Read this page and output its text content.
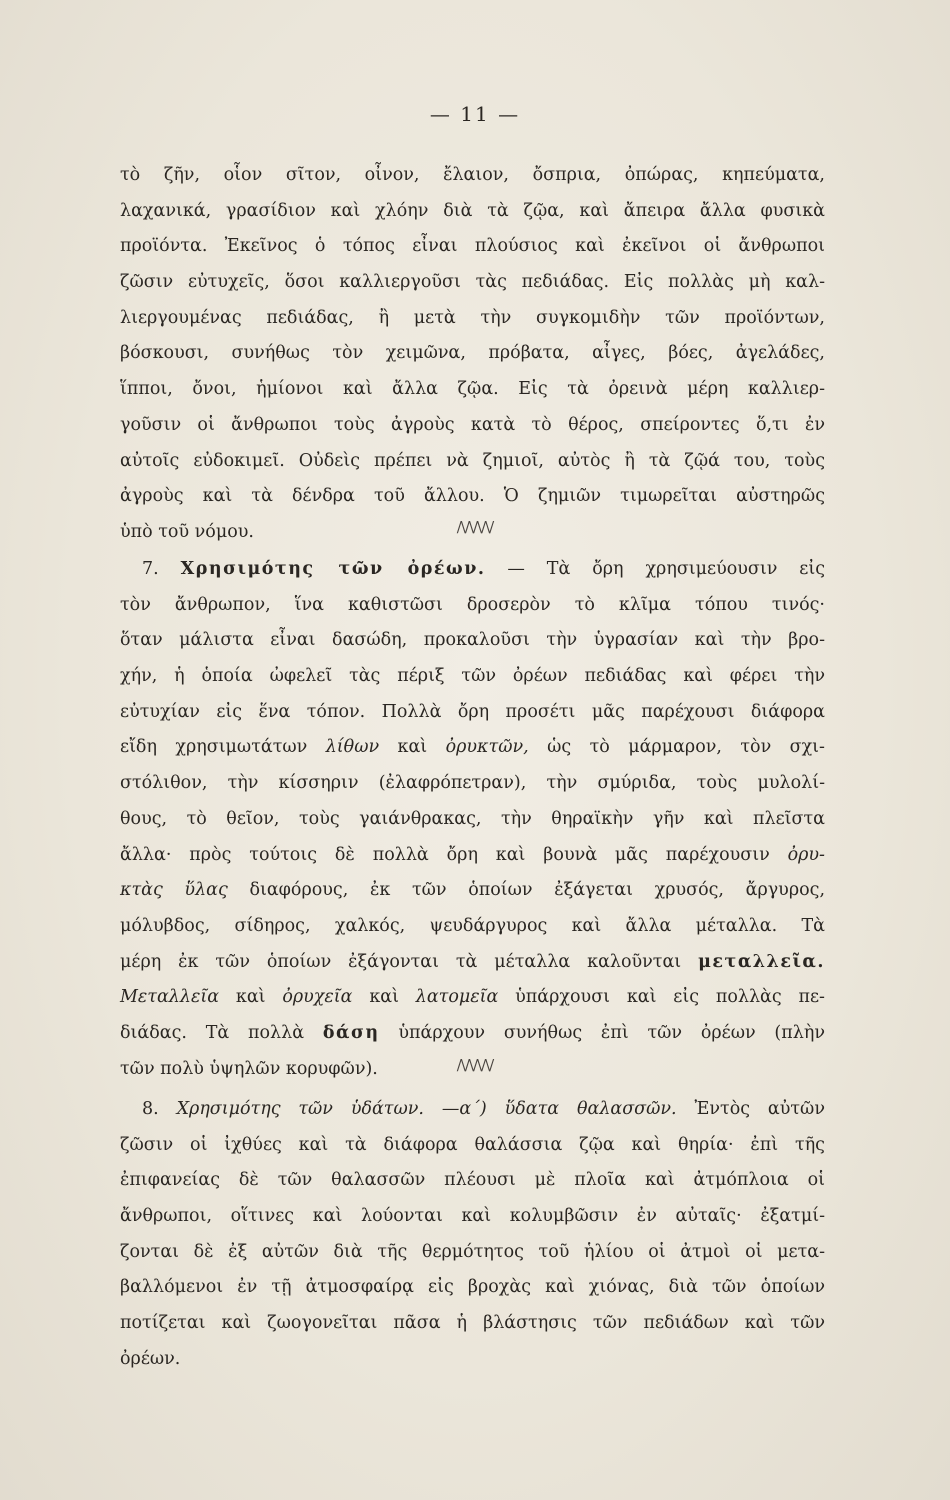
— 11 —
τὸ ζῆν, οἷον σῖτον, οἶνον, ἔλαιον, ὄσπρια, ὀπώρας, κηπεύματα,
λαχανικά, γρασίδιον καὶ χλόην διὰ τὰ ζῷα, καὶ ἄπειρα ἄλλα φυσικὰ
προϊόντα. Ἐκεῖνος ὁ τόπος εἶναι πλούσιος καὶ ἐκεῖνοι οἱ ἄνθρωποι
ζῶσιν εὐτυχεῖς, ὅσοι καλλιεργοῦσι τὰς πεδιάδας. Εἰς πολλὰς μὴ καλ-
λιεργουμένας πεδιάδας, ἢ μετὰ τὴν συγκομιδὴν τῶν προϊόντων,
βόσκουσι, συνήθως τὸν χειμῶνα, πρόβατα, αἶγες, βόες, ἀγελάδες,
ἵπποι, ὄνοι, ἡμίονοι καὶ ἄλλα ζῷα. Εἰς τὰ ὀρεινὰ μέρη καλλιερ-
γοῦσιν οἱ ἄνθρωποι τοὺς ἀγροὺς κατὰ τὸ θέρος, σπείροντες ὅ,τι ἐν
αὐτοῖς εὐδοκιμεῖ. Οὐδεὶς πρέπει νὰ ζημιοῖ, αὐτὸς ἢ τὰ ζῷά του, τοὺς
ἀγροὺς καὶ τὰ δένδρα τοῦ ἄλλου. Ὁ ζημιῶν τιμωρεῖται αὐστηρῶς
ὑπὸ τοῦ νόμου.	/\/\/\/\/
7. Χρησιμότης τῶν ὀρέων. — Τὰ ὄρη χρησιμεύουσιν εἰς
τὸν ἄνθρωπον, ἵνα καθιστῶσι δροσερὸν τὸ κλῖμα τόπου τινός·
ὅταν μάλιστα εἶναι δασώδη, προκαλοῦσι τὴν ὑγρασίαν καὶ τὴν βρο-
χήν, ἡ ὁποία ὠφελεῖ τὰς πέριξ τῶν ὀρέων πεδιάδας καὶ φέρει τὴν
εὐτυχίαν εἰς ἕνα τόπον. Πολλὰ ὄρη προσέτι μᾶς παρέχουσι διάφορα
εἴδη χρησιμωτάτων λίθων καὶ ὀρυκτῶν, ὡς τὸ μάρμαρον, τὸν σχι-
στόλιθον, τὴν κίσσηριν (ἐλαφρόπετραν), τὴν σμύριδα, τοὺς μυλολί-
θους, τὸ θεῖον, τοὺς γαιάνθρακας, τὴν θηραϊκὴν γῆν καὶ πλεῖστα
ἄλλα· πρὸς τούτοις δὲ πολλὰ ὄρη καὶ βουνὰ μᾶς παρέχουσιν ὀρυ-
κτὰς ὕλας διαφόρους, ἐκ τῶν ὁποίων ἐξάγεται χρυσός, ἄργυρος,
μόλυβδος, σίδηρος, χαλκός, ψευδάργυρος καὶ ἄλλα μέταλλα. Τὰ
μέρη ἐκ τῶν ὁποίων ἐξάγονται τὰ μέταλλα καλοῦνται μεταλλεῖα.
Μεταλλεῖα καὶ ὀρυχεῖα καὶ λατομεῖα ὑπάρχουσι καὶ εἰς πολλὰς πε-
διάδας. Τὰ πολλὰ δάση ὑπάρχουν συνήθως ἐπὶ τῶν ὀρέων (πλὴν
τῶν πολὺ ὑψηλῶν κορυφῶν).	/\/\/\/\/
8. Χρησιμότης τῶν ὑδάτων. —α΄) ὕδατα θαλασσῶν. Ἐντὸς αὐτῶν
ζῶσιν οἱ ἰχθύες καὶ τὰ διάφορα θαλάσσια ζῷα καὶ θηρία· ἐπὶ τῆς
ἐπιφανείας δὲ τῶν θαλασσῶν πλέουσι μὲ πλοῖα καὶ ἀτμόπλοια οἱ
ἄνθρωποι, οἵτινες καὶ λούονται καὶ κολυμβῶσιν ἐν αὐταῖς· ἐξατμί-
ζονται δὲ ἐξ αὐτῶν διὰ τῆς θερμότητος τοῦ ἡλίου οἱ ἀτμοὶ οἱ μετα-
βαλλόμενοι ἐν τῇ ἀτμοσφαίρᾳ εἰς βροχὰς καὶ χιόνας, διὰ τῶν ὁποίων
ποτίζεται καὶ ζωογονεῖται πᾶσα ἡ βλάστησις τῶν πεδιάδων καὶ τῶν
ὀρέων.
